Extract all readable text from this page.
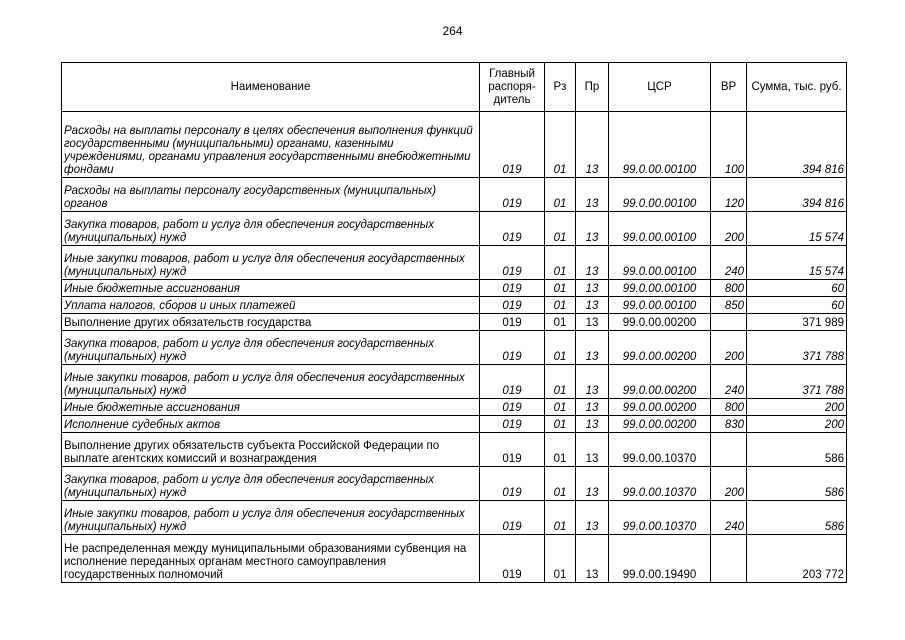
264
Наименование	Главный распоря-дитель	Рз	Пр	ЦСР	ВР	Сумма, тыс. руб.
Расходы на выплаты персоналу в целях обеспечения выполнения функций государственными (муниципальными) органами, казенными учреждениями, органами управления государственными внебюджетными фондами	019	01	13	99.0.00.00100	100	394 816
Расходы на выплаты персоналу государственных (муниципальных) органов	019	01	13	99.0.00.00100	120	394 816
Закупка товаров, работ и услуг для обеспечения государственных (муниципальных) нужд	019	01	13	99.0.00.00100	200	15 574
Иные закупки товаров, работ и услуг для обеспечения государственных (муниципальных) нужд	019	01	13	99.0.00.00100	240	15 574
Иные бюджетные ассигнования	019	01	13	99.0.00.00100	800	60
Уплата налогов, сборов и иных платежей	019	01	13	99.0.00.00100	850	60
Выполнение других обязательств государства	019	01	13	99.0.00.00200		371 989
Закупка товаров, работ и услуг для обеспечения государственных (муниципальных) нужд	019	01	13	99.0.00.00200	200	371 788
Иные закупки товаров, работ и услуг для обеспечения государственных (муниципальных) нужд	019	01	13	99.0.00.00200	240	371 788
Иные бюджетные ассигнования	019	01	13	99.0.00.00200	800	200
Исполнение судебных актов	019	01	13	99.0.00.00200	830	200
Выполнение других обязательств субъекта Российской Федерации по выплате агентских комиссий и вознаграждения	019	01	13	99.0.00.10370		586
Закупка товаров, работ и услуг для обеспечения государственных (муниципальных) нужд	019	01	13	99.0.00.10370	200	586
Иные закупки товаров, работ и услуг для обеспечения государственных (муниципальных) нужд	019	01	13	99.0.00.10370	240	586
Не распределенная между муниципальными образованиями субвенция на исполнение переданных органам местного самоуправления государственных полномочий	019	01	13	99.0.00.19490		203 772
